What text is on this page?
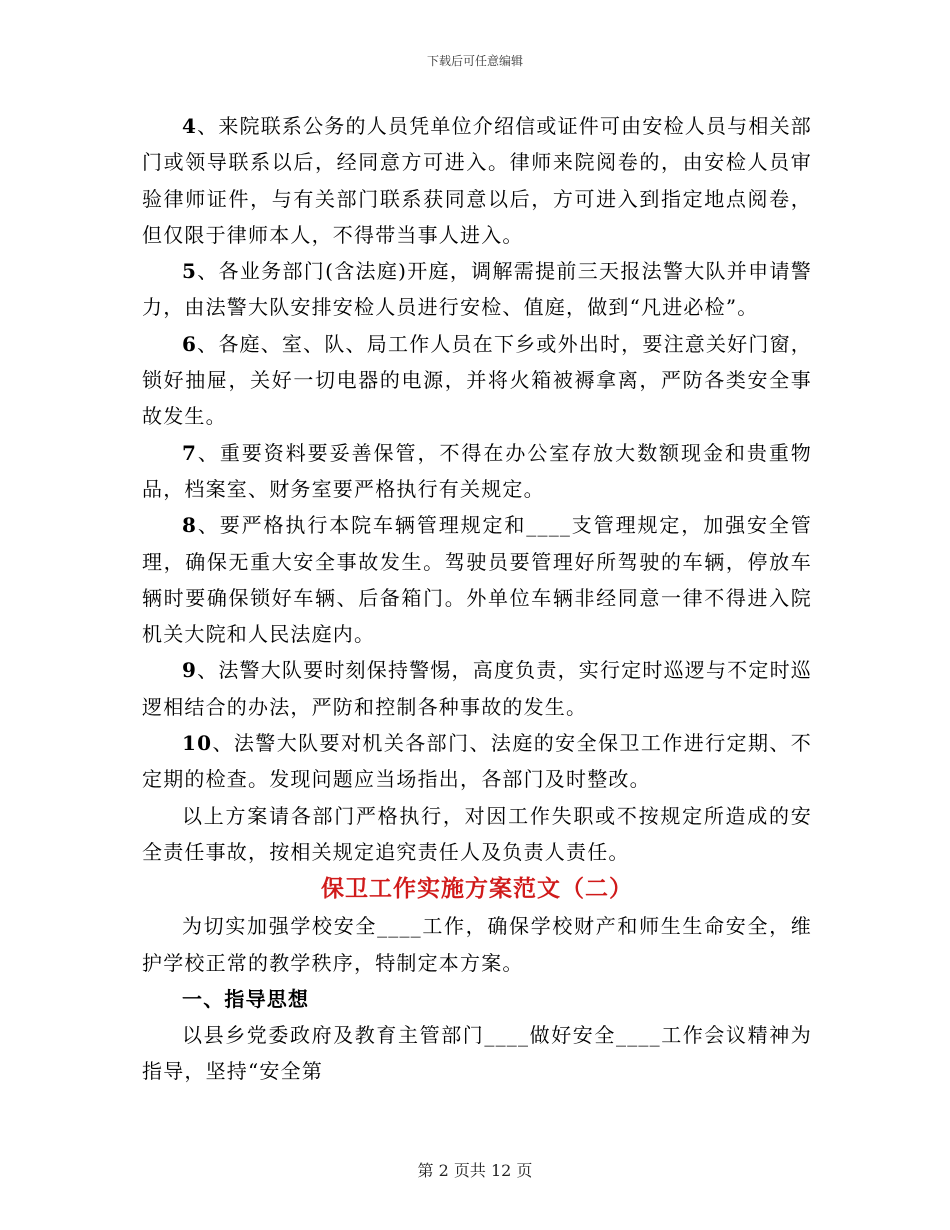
下载后可任意编辑

4、来院联系公务的人员凭单位介绍信或证件可由安检人员与相关部门或领导联系以后，经同意方可进入。律师来院阅卷的，由安检人员审验律师证件，与有关部门联系获同意以后，方可进入到指定地点阅卷，但仅限于律师本人，不得带当事人进入。

5、各业务部门(含法庭)开庭，调解需提前三天报法警大队并申请警力，由法警大队安排安检人员进行安检、值庭，做到“凡进必检”。

6、各庭、室、队、局工作人员在下乡或外出时，要注意关好门窗，锁好抽屉，关好一切电器的电源，并将火箱被褥拿离，严防各类安全事故发生。

7、重要资料要妥善保管，不得在办公室存放大数额现金和贵重物品，档案室、财务室要严格执行有关规定。

8、要严格执行本院车辆管理规定和____支管理规定，加强安全管理，确保无重大安全事故发生。驾驶员要管理好所驾驶的车辆，停放车辆时要确保锁好车辆、后备箱门。外单位车辆非经同意一律不得进入院机关大院和人民法庭内。

9、法警大队要时刻保持警惕，高度负责，实行定时巡逻与不定时巡逻相结合的办法，严防和控制各种事故的发生。

10、法警大队要对机关各部门、法庭的安全保卫工作进行定期、不定期的检查。发现问题应当场指出，各部门及时整改。

以上方案请各部门严格执行，对因工作失职或不按规定所造成的安全责任事故，按相关规定追究责任人及负责人责任。

保卫工作实施方案范文（二）

为切实加强学校安全____工作，确保学校财产和师生生命安全，维护学校正常的教学秩序，特制定本方案。

一、指导思想

以县乡党委政府及教育主管部门____做好安全____工作会议精神为指导，坚持“安全第

第 2 页共 12 页
